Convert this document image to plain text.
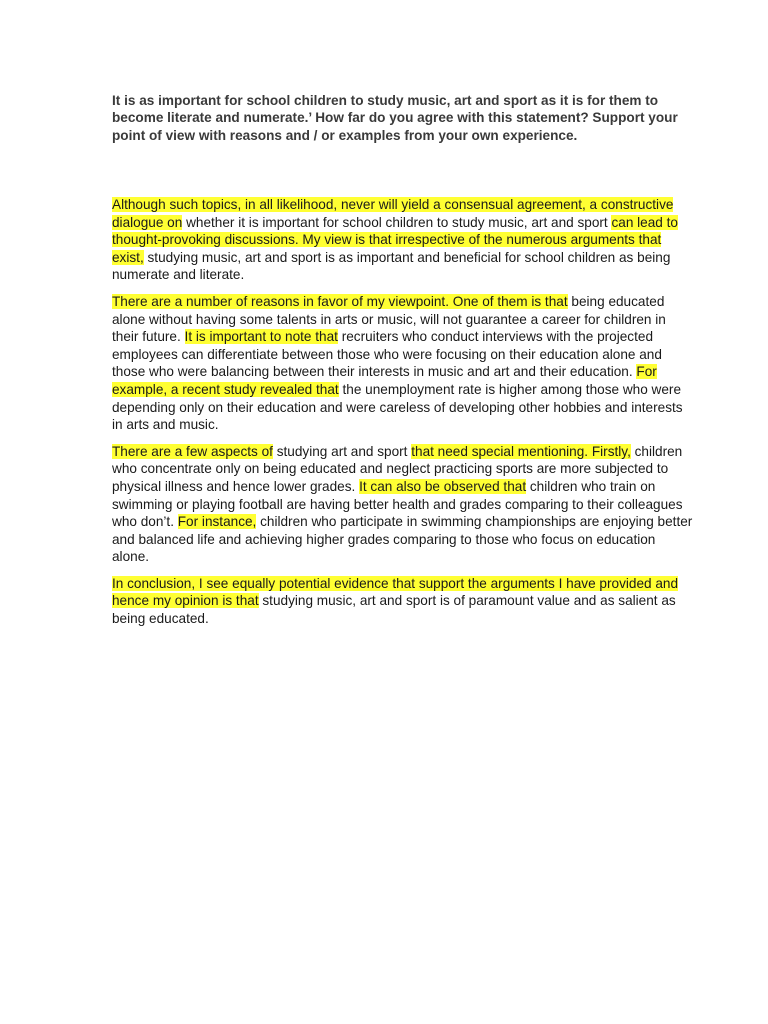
It is as important for school children to study music, art and sport as it is for them to become literate and numerate.’ How far do you agree with this statement? Support your point of view with reasons and / or examples from your own experience.

Although such topics, in all likelihood, never will yield a consensual agreement, a constructive dialogue on whether it is important for school children to study music, art and sport can lead to thought-provoking discussions. My view is that irrespective of the numerous arguments that exist, studying music, art and sport is as important and beneficial for school children as being numerate and literate.

There are a number of reasons in favor of my viewpoint. One of them is that being educated alone without having some talents in arts or music, will not guarantee a career for children in their future. It is important to note that recruiters who conduct interviews with the projected employees can differentiate between those who were focusing on their education alone and those who were balancing between their interests in music and art and their education. For example, a recent study revealed that the unemployment rate is higher among those who were depending only on their education and were careless of developing other hobbies and interests in arts and music.

There are a few aspects of studying art and sport that need special mentioning. Firstly, children who concentrate only on being educated and neglect practicing sports are more subjected to physical illness and hence lower grades. It can also be observed that children who train on swimming or playing football are having better health and grades comparing to their colleagues who don’t. For instance, children who participate in swimming championships are enjoying better and balanced life and achieving higher grades comparing to those who focus on education alone.

In conclusion, I see equally potential evidence that support the arguments I have provided and hence my opinion is that studying music, art and sport is of paramount value and as salient as being educated.
